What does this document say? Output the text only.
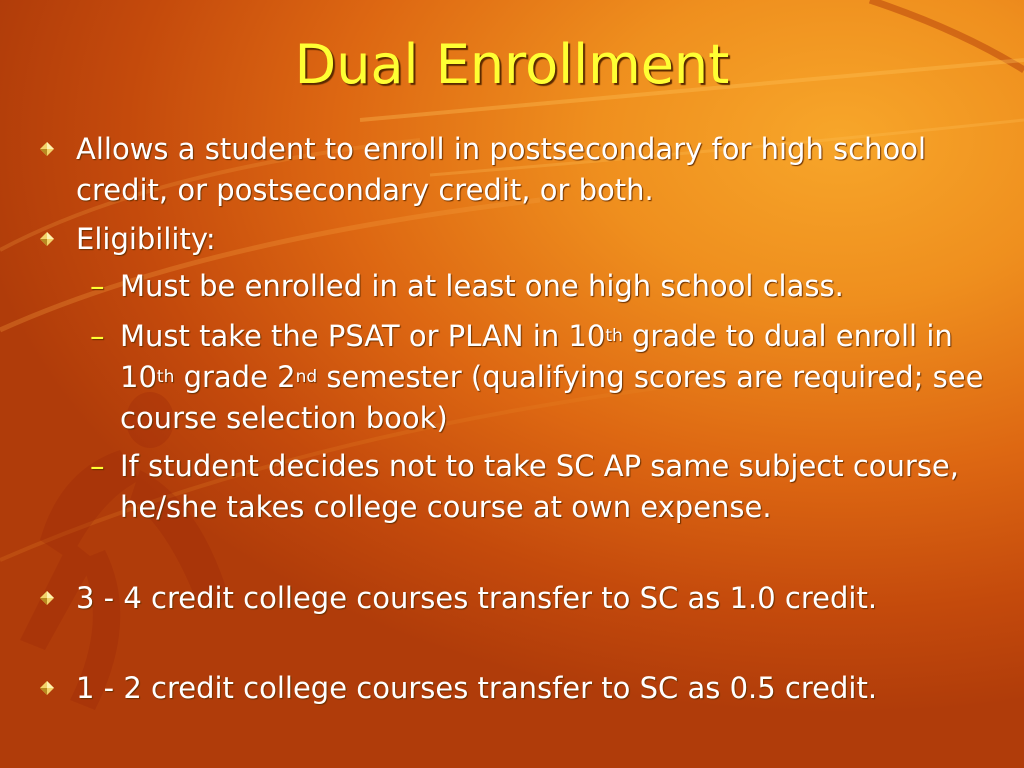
Dual Enrollment

Allows a student to enroll in postsecondary for high school credit, or postsecondary credit, or both.

Eligibility:

– Must be enrolled in at least one high school class.

– Must take the PSAT or PLAN in 10th grade to dual enroll in 10th grade 2nd semester (qualifying scores are required; see course selection book)

– If student decides not to take SC AP same subject course, he/she takes college course at own expense.

3 - 4 credit college courses transfer to SC as 1.0 credit.

1 - 2 credit college courses transfer to SC as 0.5 credit.
